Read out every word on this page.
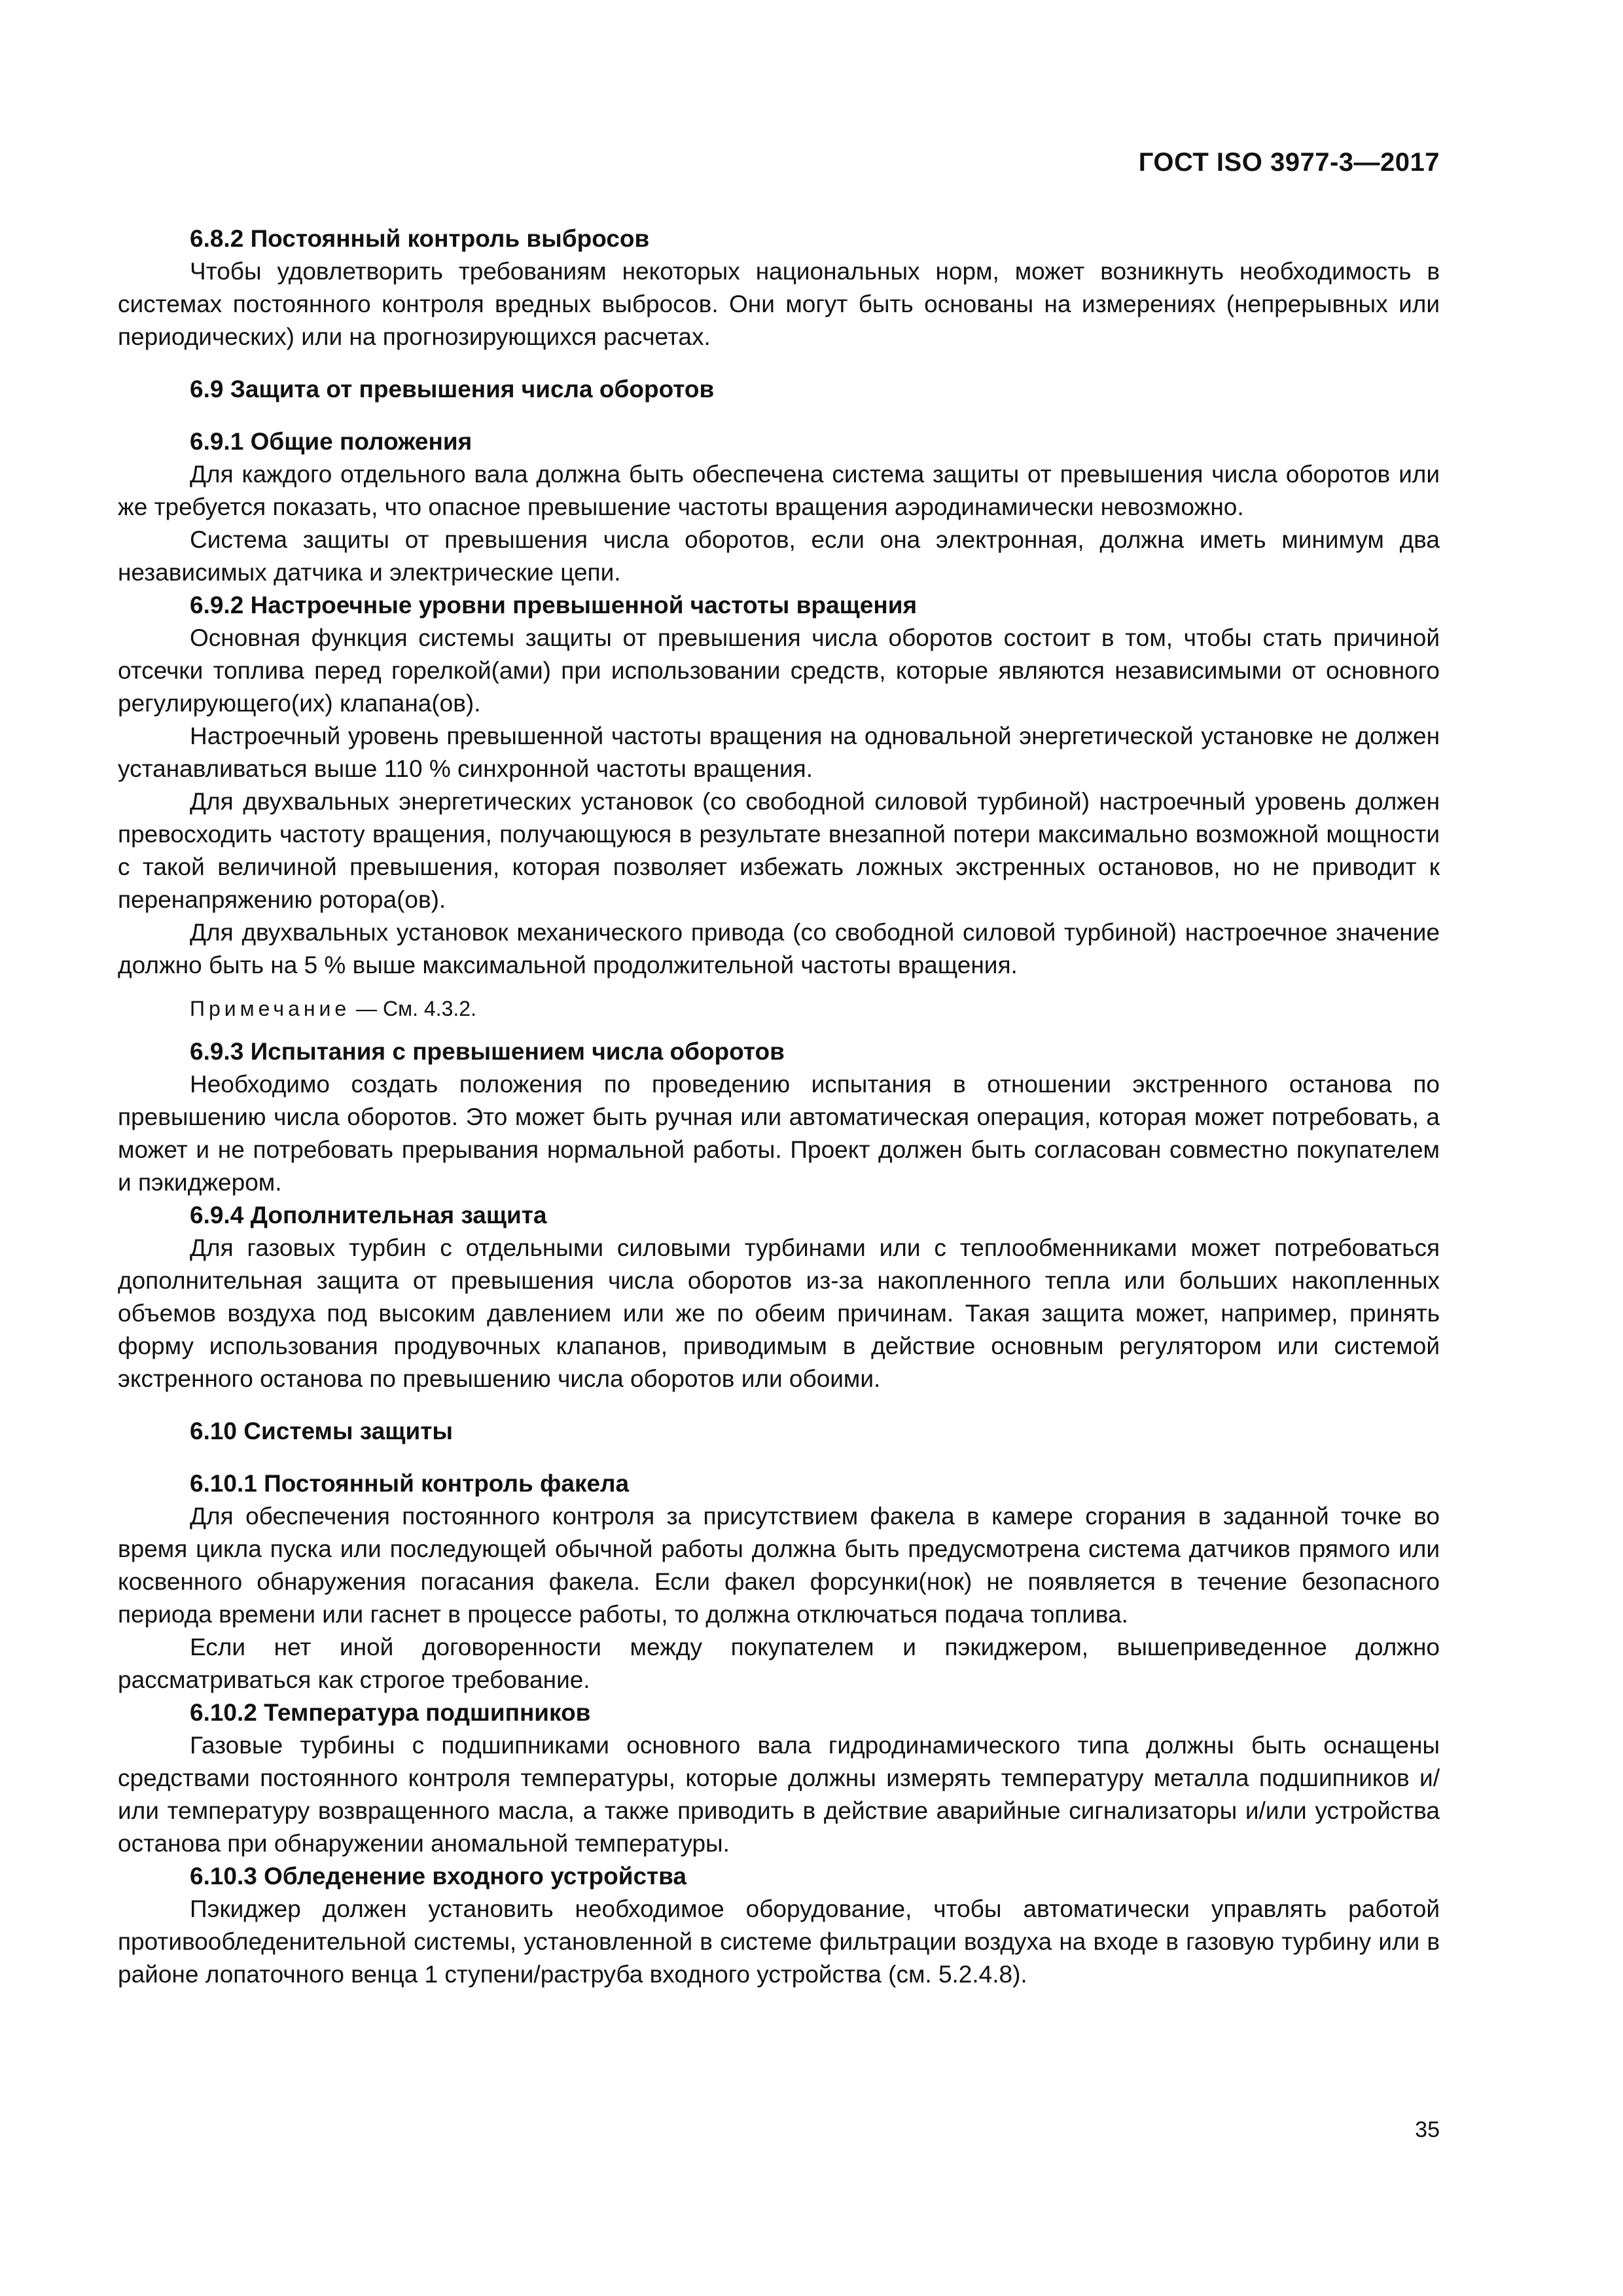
ГОСТ ISO 3977-3—2017
6.8.2 Постоянный контроль выбросов
Чтобы удовлетворить требованиям некоторых национальных норм, может возникнуть необходимость в системах постоянного контроля вредных выбросов. Они могут быть основаны на измерениях (непрерывных или периодических) или на прогнозирующихся расчетах.
6.9 Защита от превышения числа оборотов
6.9.1 Общие положения
Для каждого отдельного вала должна быть обеспечена система защиты от превышения числа оборотов или же требуется показать, что опасное превышение частоты вращения аэродинамически невозможно.
Система защиты от превышения числа оборотов, если она электронная, должна иметь минимум два независимых датчика и электрические цепи.
6.9.2 Настроечные уровни превышенной частоты вращения
Основная функция системы защиты от превышения числа оборотов состоит в том, чтобы стать причиной отсечки топлива перед горелкой(ами) при использовании средств, которые являются независимыми от основного регулирующего(их) клапана(ов).
Настроечный уровень превышенной частоты вращения на одновальной энергетической установке не должен устанавливаться выше 110 % синхронной частоты вращения.
Для двухвальных энергетических установок (со свободной силовой турбиной) настроечный уровень должен превосходить частоту вращения, получающуюся в результате внезапной потери максимально возможной мощности с такой величиной превышения, которая позволяет избежать ложных экстренных остановов, но не приводит к перенапряжению ротора(ов).
Для двухвальных установок механического привода (со свободной силовой турбиной) настроечное значение должно быть на 5 % выше максимальной продолжительной частоты вращения.
Примечание — См. 4.3.2.
6.9.3 Испытания с превышением числа оборотов
Необходимо создать положения по проведению испытания в отношении экстренного останова по превышению числа оборотов. Это может быть ручная или автоматическая операция, которая может потребовать, а может и не потребовать прерывания нормальной работы. Проект должен быть согласован совместно покупателем и пэкиджером.
6.9.4 Дополнительная защита
Для газовых турбин с отдельными силовыми турбинами или с теплообменниками может потребоваться дополнительная защита от превышения числа оборотов из-за накопленного тепла или больших накопленных объемов воздуха под высоким давлением или же по обеим причинам. Такая защита может, например, принять форму использования продувочных клапанов, приводимым в действие основным регулятором или системой экстренного останова по превышению числа оборотов или обоими.
6.10 Системы защиты
6.10.1 Постоянный контроль факела
Для обеспечения постоянного контроля за присутствием факела в камере сгорания в заданной точке во время цикла пуска или последующей обычной работы должна быть предусмотрена система датчиков прямого или косвенного обнаружения погасания факела. Если факел форсунки(нок) не появляется в течение безопасного периода времени или гаснет в процессе работы, то должна отключаться подача топлива.
Если нет иной договоренности между покупателем и пэкиджером, вышеприведенное должно рассматриваться как строгое требование.
6.10.2 Температура подшипников
Газовые турбины с подшипниками основного вала гидродинамического типа должны быть оснащены средствами постоянного контроля температуры, которые должны измерять температуру металла подшипников и/или температуру возвращенного масла, а также приводить в действие аварийные сигнализаторы и/или устройства останова при обнаружении аномальной температуры.
6.10.3 Обледенение входного устройства
Пэкиджер должен установить необходимое оборудование, чтобы автоматически управлять работой противообледенительной системы, установленной в системе фильтрации воздуха на входе в газовую турбину или в районе лопаточного венца 1 ступени/раструба входного устройства (см. 5.2.4.8).
35
